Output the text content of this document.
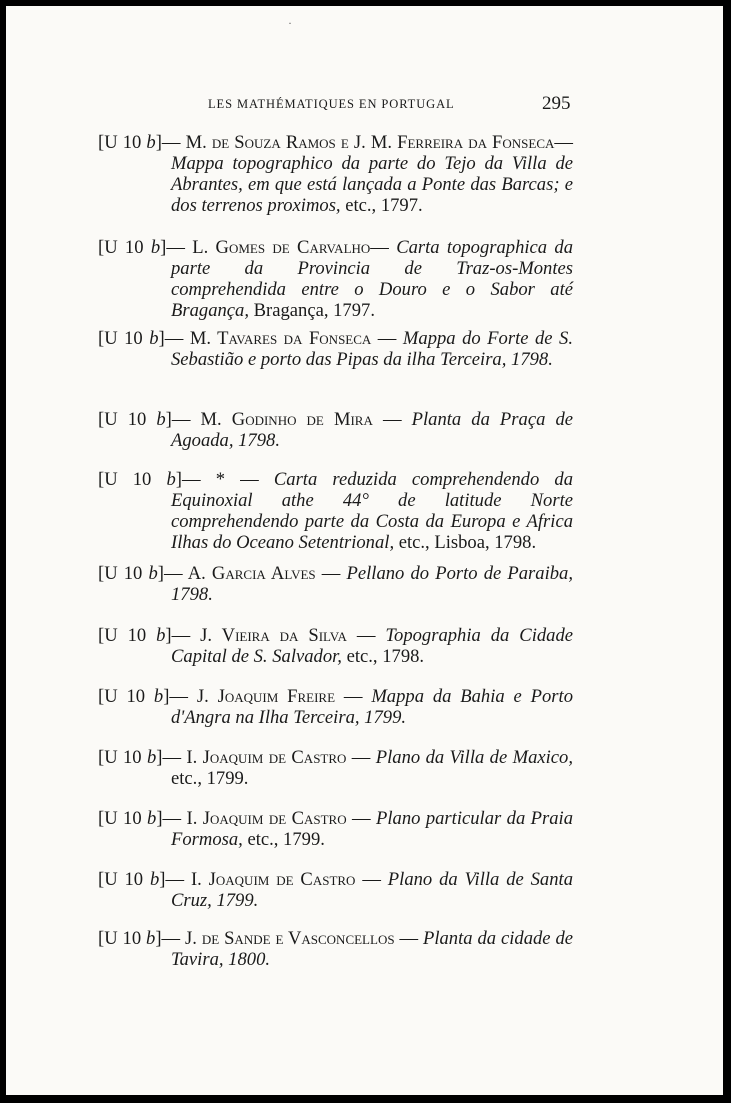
·
LES MATHÉMATIQUES EN PORTUGAL	295
[U 10 b]— M. de Souza Ramos e J. M. Ferreira da Fonseca—Mappa topographico da parte do Tejo da Villa de Abrantes, em que está lançada a Ponte das Barcas; e dos terrenos proximos, etc., 1797.
[U 10 b]— L. Gomes de Carvalho— Carta topographica da parte da Provincia de Traz-os-Montes comprehendida entre o Douro e o Sabor até Bragança, Bragança, 1797.
[U 10 b]— M. Tavares da Fonseca — Mappa do Forte de S. Sebastião e porto das Pipas da ilha Terceira, 1798.
[U 10 b]— M. Godinho de Mira — Planta da Praça de Agoada, 1798.
[U 10 b]— * — Carta reduzida comprehendendo da Equinoxial athe 44° de latitude Norte comprehendendo parte da Costa da Europa e Africa Ilhas do Oceano Setentrional, etc., Lisboa, 1798.
[U 10 b]— A. Garcia Alves — Pellano do Porto de Paraiba, 1798.
[U 10 b]— J. Vieira da Silva — Topographia da Cidade Capital de S. Salvador, etc., 1798.
[U 10 b]— J. Joaquim Freire — Mappa da Bahia e Porto d'Angra na Ilha Terceira, 1799.
[U 10 b]— I. Joaquim de Castro — Plano da Villa de Maxico, etc., 1799.
[U 10 b]— I. Joaquim de Castro — Plano particular da Praia Formosa, etc., 1799.
[U 10 b]— I. Joaquim de Castro — Plano da Villa de Santa Cruz, 1799.
[U 10 b]— J. de Sande e Vasconcellos — Planta da cidade de Tavira, 1800.
